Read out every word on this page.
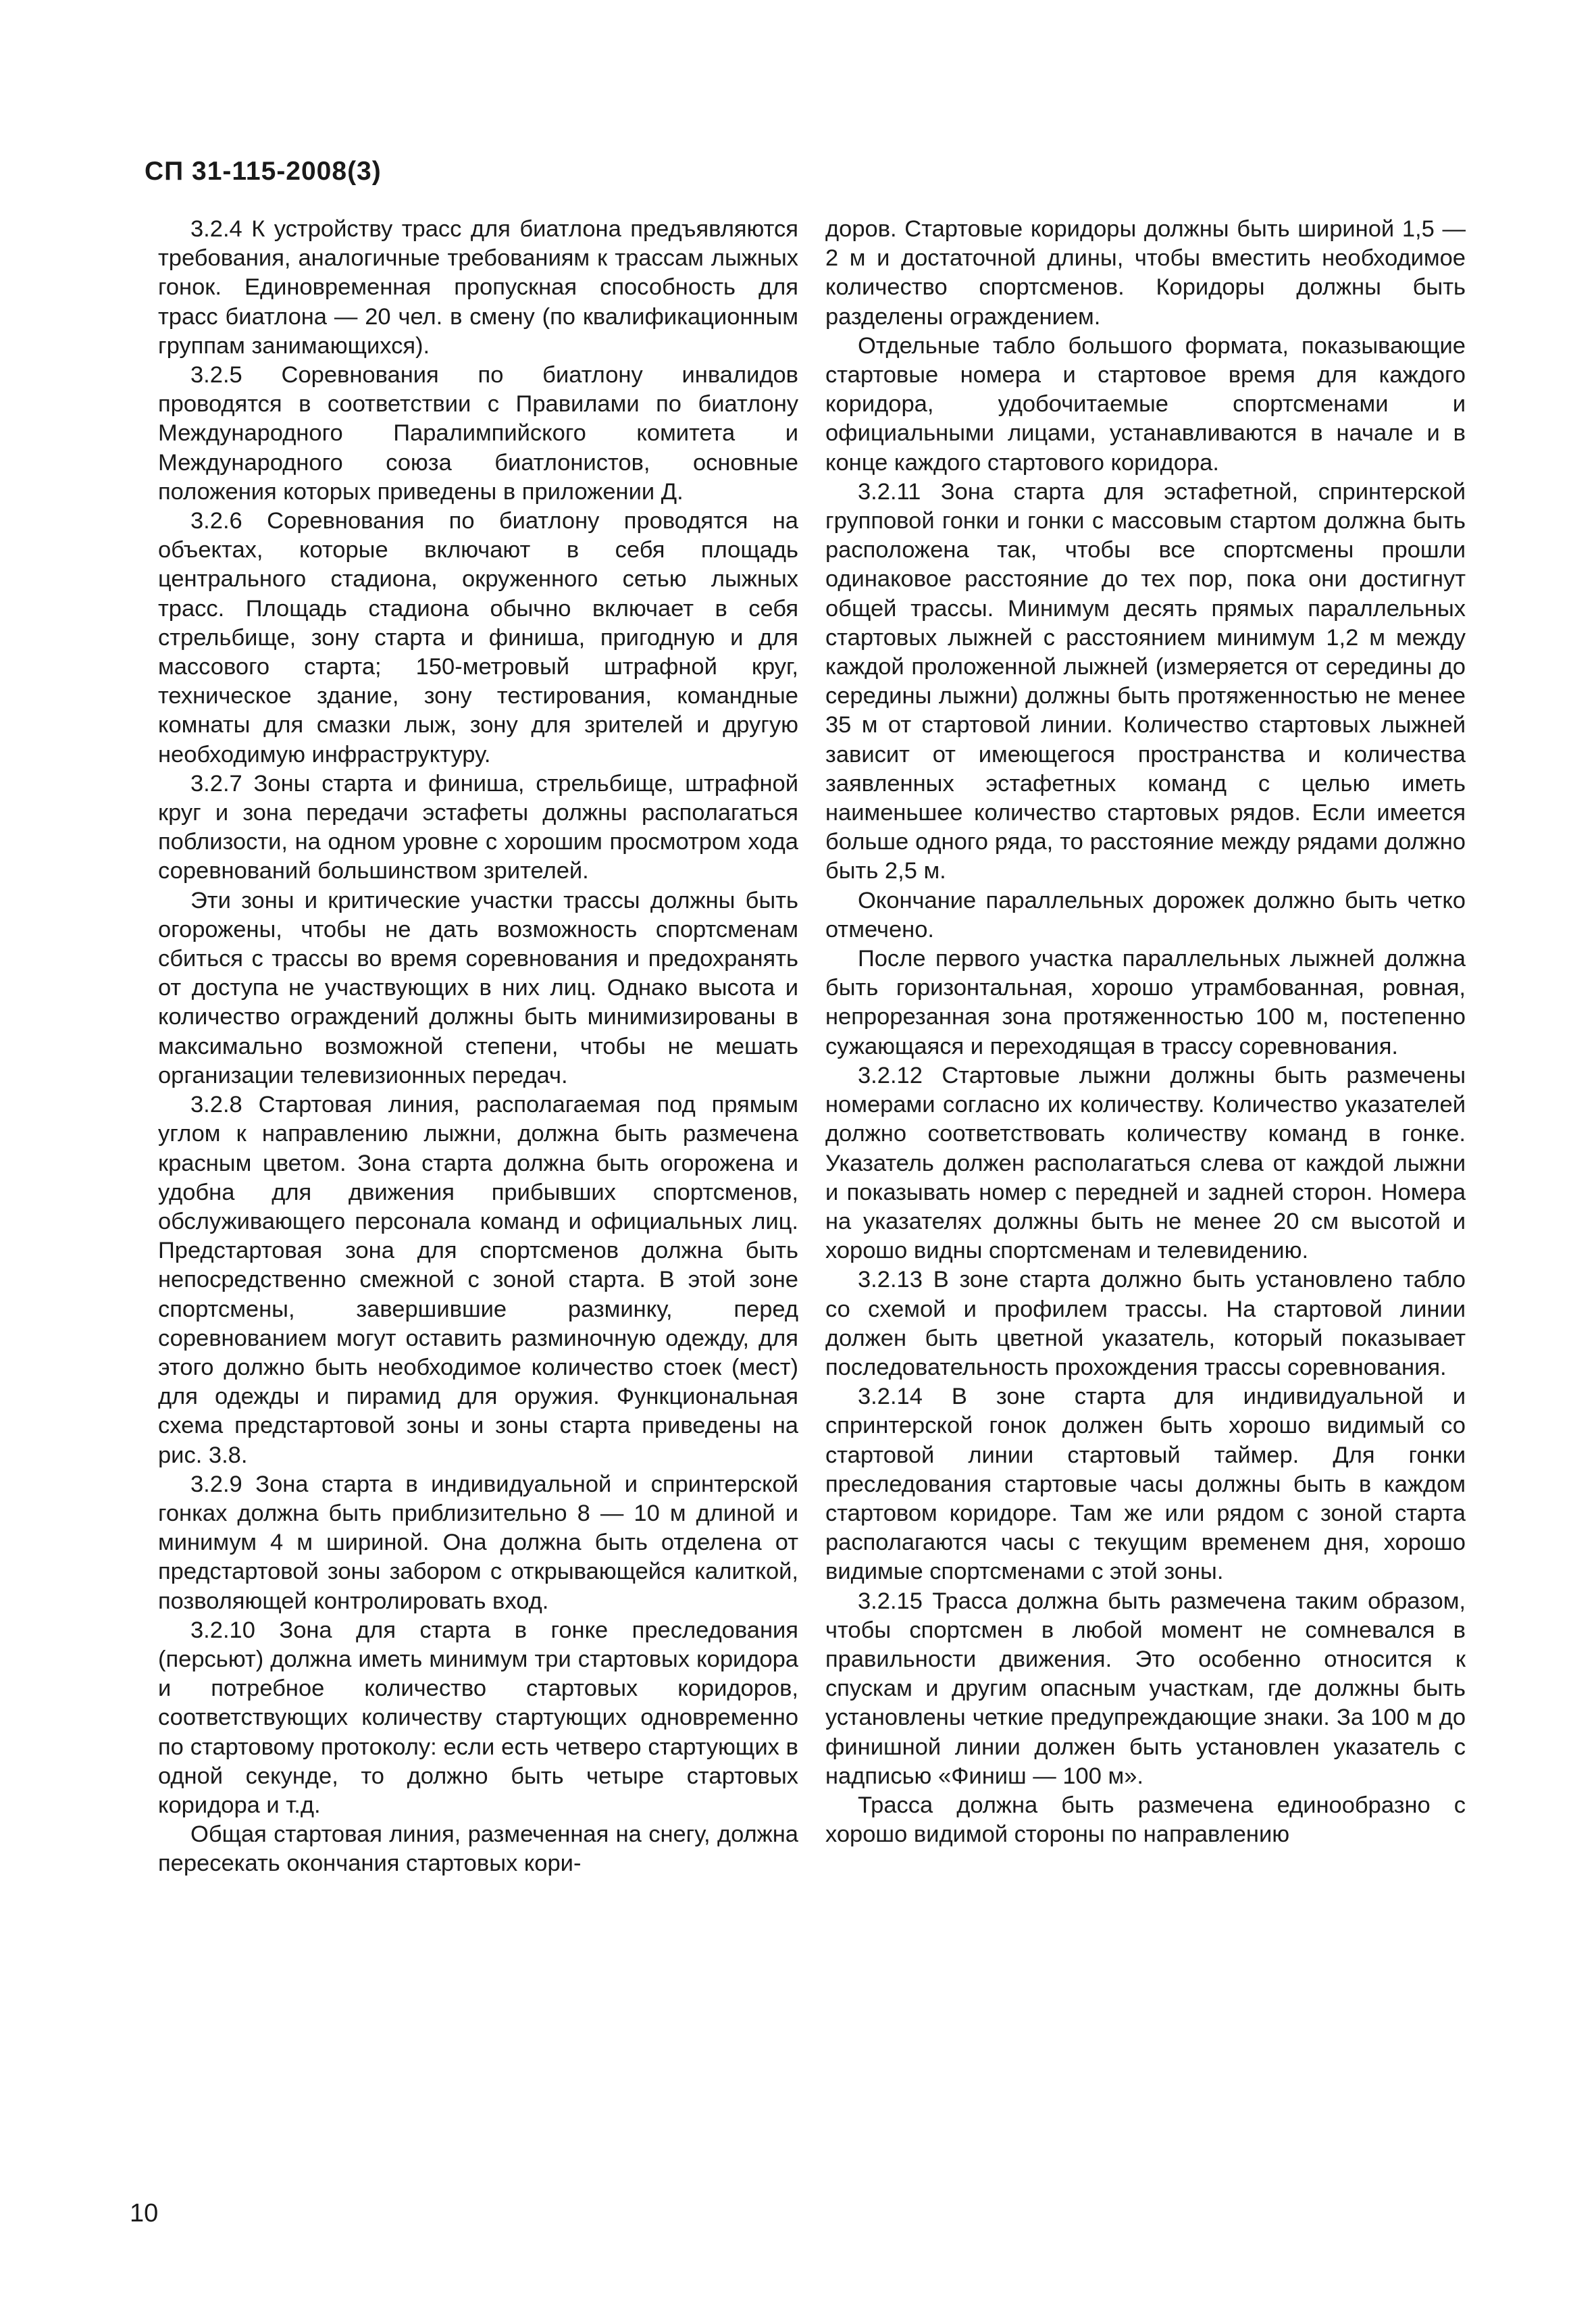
СП 31-115-2008(3)

3.2.4 К устройству трасс для биатлона предъявляются требования, аналогичные требованиям к трассам лыжных гонок. Единовременная пропускная способность для трасс биатлона — 20 чел. в смену (по квалификационным группам занимающихся).

3.2.5 Соревнования по биатлону инвалидов проводятся в соответствии с Правилами по биатлону Международного Паралимпийского комитета и Международного союза биатлонистов, основные положения которых приведены в приложении Д.

3.2.6 Соревнования по биатлону проводятся на объектах, которые включают в себя площадь центрального стадиона, окруженного сетью лыжных трасс. Площадь стадиона обычно включает в себя стрельбище, зону старта и финиша, пригодную и для массового старта; 150-метровый штрафной круг, техническое здание, зону тестирования, командные комнаты для смазки лыж, зону для зрителей и другую необходимую инфраструктуру.

3.2.7 Зоны старта и финиша, стрельбище, штрафной круг и зона передачи эстафеты должны располагаться поблизости, на одном уровне с хорошим просмотром хода соревнований большинством зрителей.

Эти зоны и критические участки трассы должны быть огорожены, чтобы не дать возможность спортсменам сбиться с трассы во время соревнования и предохранять от доступа не участвующих в них лиц. Однако высота и количество ограждений должны быть минимизированы в максимально возможной степени, чтобы не мешать организации телевизионных передач.

3.2.8 Стартовая линия, располагаемая под прямым углом к направлению лыжни, должна быть размечена красным цветом. Зона старта должна быть огорожена и удобна для движения прибывших спортсменов, обслуживающего персонала команд и официальных лиц. Предстартовая зона для спортсменов должна быть непосредственно смежной с зоной старта. В этой зоне спортсмены, завершившие разминку, перед соревнованием могут оставить разминочную одежду, для этого должно быть необходимое количество стоек (мест) для одежды и пирамид для оружия. Функциональная схема предстартовой зоны и зоны старта приведены на рис. 3.8.

3.2.9 Зона старта в индивидуальной и спринтерской гонках должна быть приблизительно 8 — 10 м длиной и минимум 4 м шириной. Она должна быть отделена от предстартовой зоны забором с открывающейся калиткой, позволяющей контролировать вход.

3.2.10 Зона для старта в гонке преследования (персьют) должна иметь минимум три стартовых коридора и потребное количество стартовых коридоров, соответствующих количеству стартующих одновременно по стартовому протоколу: если есть четверо стартующих в одной секунде, то должно быть четыре стартовых коридора и т.д.

Общая стартовая линия, размеченная на снегу, должна пересекать окончания стартовых кори-

доров. Стартовые коридоры должны быть шириной 1,5 — 2 м и достаточной длины, чтобы вместить необходимое количество спортсменов. Коридоры должны быть разделены ограждением.

Отдельные табло большого формата, показывающие стартовые номера и стартовое время для каждого коридора, удобочитаемые спортсменами и официальными лицами, устанавливаются в начале и в конце каждого стартового коридора.

3.2.11 Зона старта для эстафетной, спринтерской групповой гонки и гонки с массовым стартом должна быть расположена так, чтобы все спортсмены прошли одинаковое расстояние до тех пор, пока они достигнут общей трассы. Минимум десять прямых параллельных стартовых лыжней с расстоянием минимум 1,2 м между каждой проложенной лыжней (измеряется от середины до середины лыжни) должны быть протяженностью не менее 35 м от стартовой линии. Количество стартовых лыжней зависит от имеющегося пространства и количества заявленных эстафетных команд с целью иметь наименьшее количество стартовых рядов. Если имеется больше одного ряда, то расстояние между рядами должно быть 2,5 м.

Окончание параллельных дорожек должно быть четко отмечено.

После первого участка параллельных лыжней должна быть горизонтальная, хорошо утрамбованная, ровная, непрорезанная зона протяженностью 100 м, постепенно сужающаяся и переходящая в трассу соревнования.

3.2.12 Стартовые лыжни должны быть размечены номерами согласно их количеству. Количество указателей должно соответствовать количеству команд в гонке. Указатель должен располагаться слева от каждой лыжни и показывать номер с передней и задней сторон. Номера на указателях должны быть не менее 20 см высотой и хорошо видны спортсменам и телевидению.

3.2.13 В зоне старта должно быть установлено табло со схемой и профилем трассы. На стартовой линии должен быть цветной указатель, который показывает последовательность прохождения трассы соревнования.

3.2.14 В зоне старта для индивидуальной и спринтерской гонок должен быть хорошо видимый со стартовой линии стартовый таймер. Для гонки преследования стартовые часы должны быть в каждом стартовом коридоре. Там же или рядом с зоной старта располагаются часы с текущим временем дня, хорошо видимые спортсменами с этой зоны.

3.2.15 Трасса должна быть размечена таким образом, чтобы спортсмен в любой момент не сомневался в правильности движения. Это особенно относится к спускам и другим опасным участкам, где должны быть установлены четкие предупреждающие знаки. За 100 м до финишной линии должен быть установлен указатель с надписью «Финиш — 100 м».

Трасса должна быть размечена единообразно с хорошо видимой стороны по направлению

10
